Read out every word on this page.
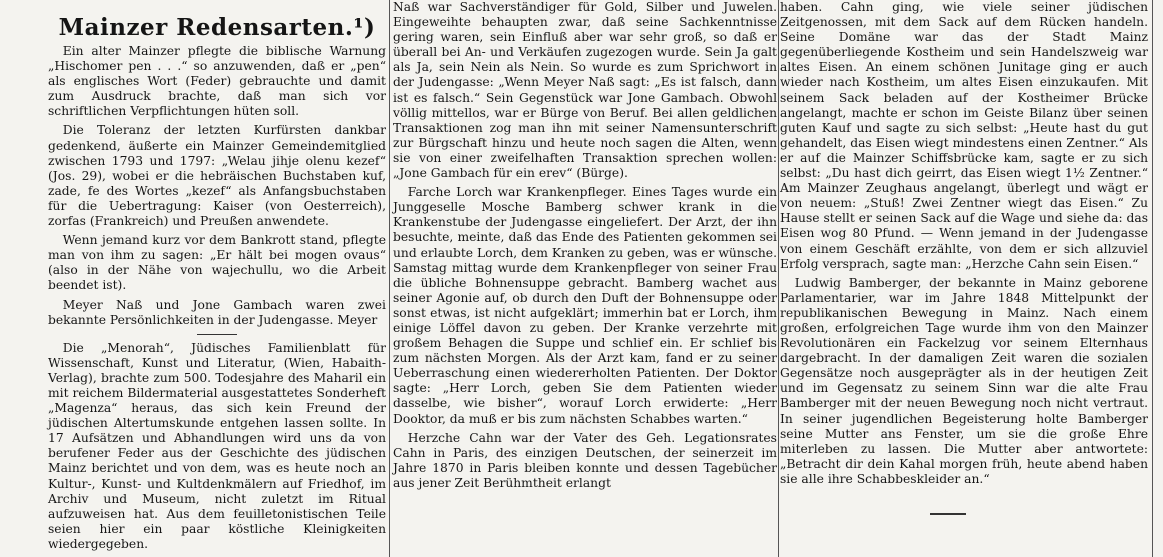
Mainzer Redensarten.¹)

Ein alter Mainzer pflegte die biblische Warnung „Hischomer pen . . .“ so anzuwenden, daß er „pen“ als englisches Wort (Feder) gebrauchte und damit zum Ausdruck brachte, daß man sich vor schriftlichen Verpflichtungen hüten soll.

Die Toleranz der letzten Kurfürsten dankbar gedenkend, äußerte ein Mainzer Gemeindemitglied zwischen 1793 und 1797: „Welau jihje olenu kezef“ (Jos. 29), wobei er die hebräischen Buchstaben kuf, zade, fe des Wortes „kezef“ als Anfangsbuchstaben für die Uebertragung: Kaiser (von Oesterreich), zorfas (Frankreich) und Preußen anwendete.

Wenn jemand kurz vor dem Bankrott stand, pflegte man von ihm zu sagen: „Er hält bei mogen ovaus“ (also in der Nähe von wajechullu, wo die Arbeit beendet ist).

Meyer Naß und Jone Gambach waren zwei bekannte Persönlichkeiten in der Judengasse. Meyer

Die „Menorah“, Jüdisches Familienblatt für Wissenschaft, Kunst und Literatur, (Wien, Habaith-Verlag), brachte zum 500. Todesjahre des Maharil ein mit reichem Bildermaterial ausgestattetes Sonderheft „Magenza“ heraus, das sich kein Freund der jüdischen Altertumskunde entgehen lassen sollte. In 17 Aufsätzen und Abhandlungen wird uns da von berufener Feder aus der Geschichte des jüdischen Mainz berichtet und von dem, was es heute noch an Kultur-, Kunst- und Kultdenkmälern auf Friedhof, im Archiv und Museum, nicht zuletzt im Ritual aufzuweisen hat. Aus dem feuilletonistischen Teile seien hier ein paar köstliche Kleinigkeiten wiedergegeben.

Naß war Sachverständiger für Gold, Silber und Juwelen. Eingeweihte behaupten zwar, daß seine Sachkenntnisse gering waren, sein Einfluß aber war sehr groß, so daß er überall bei An- und Verkäufen zugezogen wurde. Sein Ja galt als Ja, sein Nein als Nein. So wurde es zum Sprichwort in der Judengasse: „Wenn Meyer Naß sagt: „Es ist falsch, dann ist es falsch.“ Sein Gegenstück war Jone Gambach. Obwohl völlig mittellos, war er Bürge von Beruf. Bei allen geldlichen Transaktionen zog man ihn mit seiner Namensunterschrift zur Bürgschaft hinzu und heute noch sagen die Alten, wenn sie von einer zweifelhaften Transaktion sprechen wollen: „Jone Gambach für ein erev“ (Bürge).

Farche Lorch war Krankenpfleger. Eines Tages wurde ein Junggeselle Mosche Bamberg schwer krank in die Krankenstube der Judengasse eingeliefert. Der Arzt, der ihn besuchte, meinte, daß das Ende des Patienten gekommen sei und erlaubte Lorch, dem Kranken zu geben, was er wünsche. Samstag mittag wurde dem Krankenpfleger von seiner Frau die übliche Bohnensuppe gebracht. Bamberg wachet aus seiner Agonie auf, ob durch den Duft der Bohnensuppe oder sonst etwas, ist nicht aufgeklärt; immerhin bat er Lorch, ihm einige Löffel davon zu geben. Der Kranke verzehrte mit großem Behagen die Suppe und schlief ein. Er schlief bis zum nächsten Morgen. Als der Arzt kam, fand er zu seiner Ueberraschung einen wiedererholten Patienten. Der Doktor sagte: „Herr Lorch, geben Sie dem Patienten wieder dasselbe, wie bisher“, worauf Lorch erwiderte: „Herr Dooktor, da muß er bis zum nächsten Schabbes warten.“

Herzche Cahn war der Vater des Geh. Legationsrates Cahn in Paris, des einzigen Deutschen, der seinerzeit im Jahre 1870 in Paris bleiben konnte und dessen Tagebücher aus jener Zeit Berühmtheit erlangt

haben. Cahn ging, wie viele seiner jüdischen Zeitgenossen, mit dem Sack auf dem Rücken handeln. Seine Domäne war das der Stadt Mainz gegenüberliegende Kostheim und sein Handelszweig war altes Eisen. An einem schönen Junitage ging er auch wieder nach Kostheim, um altes Eisen einzukaufen. Mit seinem Sack beladen auf der Kostheimer Brücke angelangt, machte er schon im Geiste Bilanz über seinen guten Kauf und sagte zu sich selbst: „Heute hast du gut gehandelt, das Eisen wiegt mindestens einen Zentner.“ Als er auf die Mainzer Schiffsbrücke kam, sagte er zu sich selbst: „Du hast dich geirrt, das Eisen wiegt 1½ Zentner.“ Am Mainzer Zeughaus angelangt, überlegt und wägt er von neuem: „Stuß! Zwei Zentner wiegt das Eisen.“ Zu Hause stellt er seinen Sack auf die Wage und siehe da: das Eisen wog 80 Pfund. — Wenn jemand in der Judengasse von einem Geschäft erzählte, von dem er sich allzuviel Erfolg versprach, sagte man: „Herzche Cahn sein Eisen.“

Ludwig Bamberger, der bekannte in Mainz geborene Parlamentarier, war im Jahre 1848 Mittelpunkt der republikanischen Bewegung in Mainz. Nach einem großen, erfolgreichen Tage wurde ihm von den Mainzer Revolutionären ein Fackelzug vor seinem Elternhaus dargebracht. In der damaligen Zeit waren die sozialen Gegensätze noch ausgeprägter als in der heutigen Zeit und im Gegensatz zu seinem Sinn war die alte Frau Bamberger mit der neuen Bewegung noch nicht vertraut. In seiner jugendlichen Begeisterung holte Bamberger seine Mutter ans Fenster, um sie die große Ehre miterleben zu lassen. Die Mutter aber antwortete: „Betracht dir dein Kahal morgen früh, heute abend haben sie alle ihre Schabbeskleider an.“
